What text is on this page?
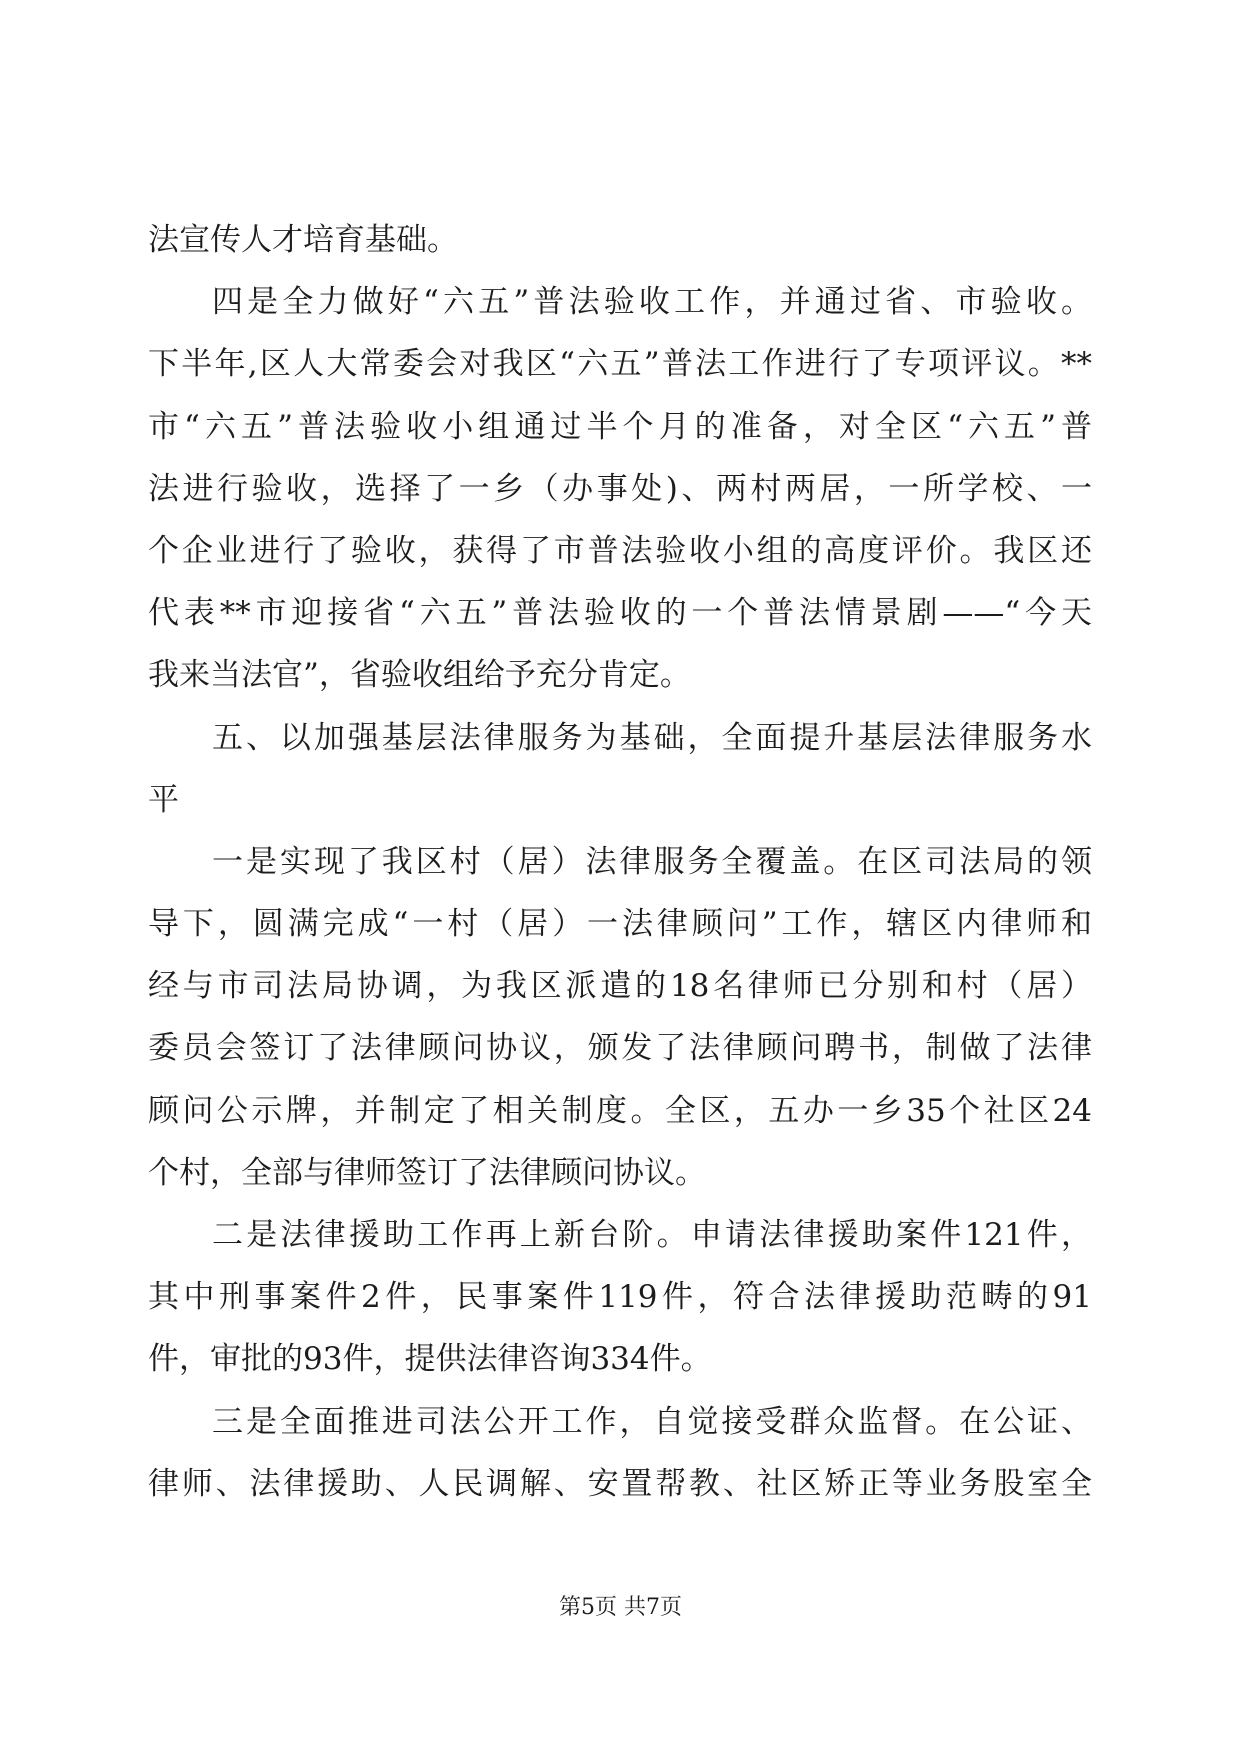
法宣传人才培育基础。
四是全力做好“六五”普法验收工作，并通过省、市验收。
下半年,区人大常委会对我区“六五”普法工作进行了专项评议。**
市“六五”普法验收小组通过半个月的准备，对全区“六五”普
法进行验收，选择了一乡（办事处)、两村两居，一所学校、一
个企业进行了验收，获得了市普法验收小组的高度评价。我区还
代表**市迎接省“六五”普法验收的一个普法情景剧——“今天
我来当法官”，省验收组给予充分肯定。
五、以加强基层法律服务为基础，全面提升基层法律服务水
平
一是实现了我区村（居）法律服务全覆盖。在区司法局的领
导下，圆满完成“一村（居）一法律顾问”工作，辖区内律师和
经与市司法局协调，为我区派遣的18名律师已分别和村（居）
委员会签订了法律顾问协议，颁发了法律顾问聘书，制做了法律
顾问公示牌，并制定了相关制度。全区，五办一乡35个社区24
个村，全部与律师签订了法律顾问协议。
二是法律援助工作再上新台阶。申请法律援助案件121件，
其中刑事案件2件，民事案件119件，符合法律援助范畴的91
件，审批的93件，提供法律咨询334件。
三是全面推进司法公开工作，自觉接受群众监督。在公证、
律师、法律援助、人民调解、安置帮教、社区矫正等业务股室全
第5页 共7页
